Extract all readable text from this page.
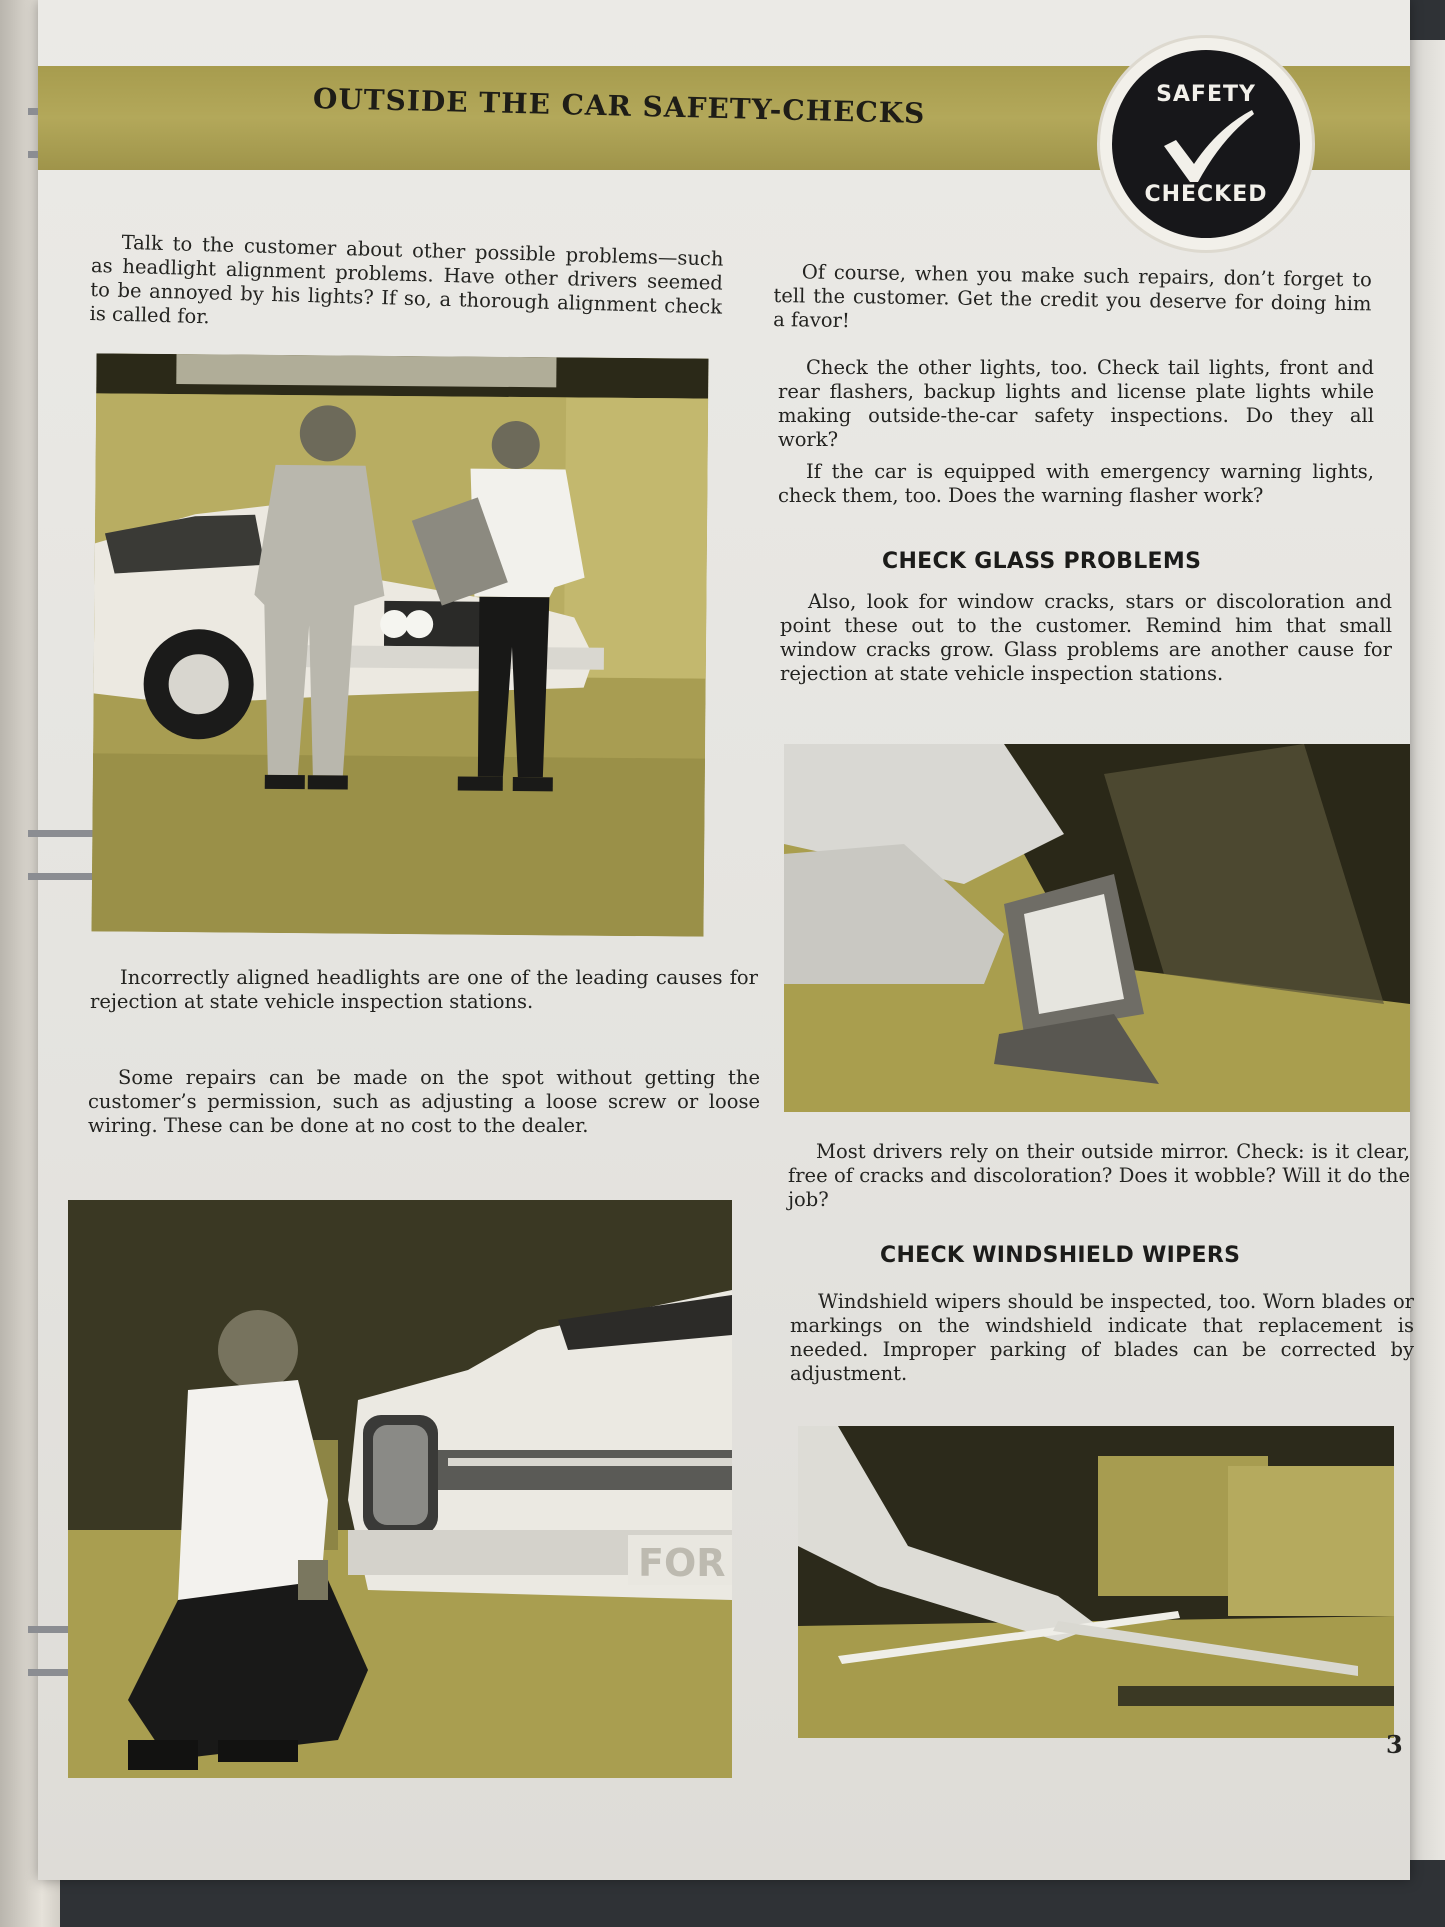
OUTSIDE THE CAR SAFETY-CHECKS	SAFETY

CHECKED

Talk to the customer about other possible problems—such as headlight alignment problems. Have other drivers seemed to be annoyed by his lights? If so, a thorough alignment check is called for.

Incorrectly aligned headlights are one of the leading causes for rejection at state vehicle inspection stations.

Some repairs can be made on the spot without getting the customer’s permission, such as adjusting a loose screw or loose wiring. These can be done at no cost to the dealer.

FOR

Of course, when you make such repairs, don’t forget to tell the customer. Get the credit you deserve for doing him a favor!

Check the other lights, too. Check tail lights, front and rear flashers, backup lights and license plate lights while making outside-the-car safety inspections. Do they all work?

If the car is equipped with emergency warning lights, check them, too. Does the warning flasher work?

CHECK GLASS PROBLEMS

Also, look for window cracks, stars or discoloration and point these out to the customer. Remind him that small window cracks grow. Glass problems are another cause for rejection at state vehicle inspection stations.

Most drivers rely on their outside mirror. Check: is it clear, free of cracks and discoloration? Does it wobble? Will it do the job?

CHECK WINDSHIELD WIPERS

Windshield wipers should be inspected, too. Worn blades or markings on the windshield indicate that replacement is needed. Improper parking of blades can be corrected by adjustment.

3
